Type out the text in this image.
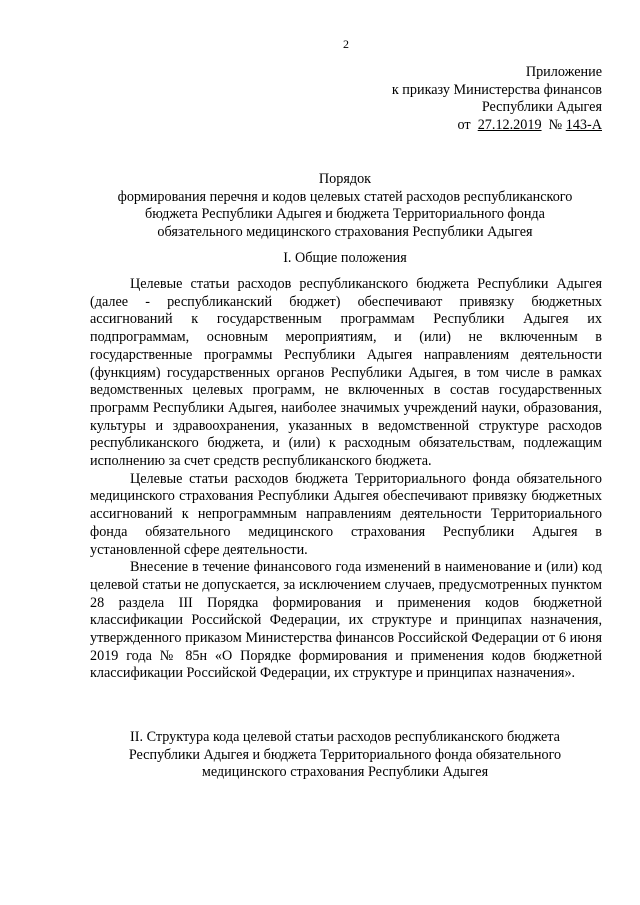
2
Приложение
к приказу Министерства финансов
Республики Адыгея
от 27.12.2019 № 143-А
Порядок
формирования перечня и кодов целевых статей расходов республиканского
бюджета Республики Адыгея и бюджета Территориального фонда
обязательного медицинского страхования Республики Адыгея
I. Общие положения

Целевые статьи расходов республиканского бюджета Республики Адыгея (далее - республиканский бюджет) обеспечивают привязку бюджетных ассигнований к государственным программам Республики Адыгея их подпрограммам, основным мероприятиям, и (или) не включенным в государственные программы Республики Адыгея направлениям деятельности (функциям) государственных органов Республики Адыгея, в том числе в рамках ведомственных целевых программ, не включенных в состав государственных программ Республики Адыгея, наиболее значимых учреждений науки, образования, культуры и здравоохранения, указанных в ведомственной структуре расходов республиканского бюджета, и (или) к расходным обязательствам, подлежащим исполнению за счет средств республиканского бюджета.

Целевые статьи расходов бюджета Территориального фонда обязательного медицинского страхования Республики Адыгея обеспечивают привязку бюджетных ассигнований к непрограммным направлениям деятельности Территориального фонда обязательного медицинского страхования Республики Адыгея в установленной сфере деятельности.

Внесение в течение финансового года изменений в наименование и (или) код целевой статьи не допускается, за исключением случаев, предусмотренных пунктом 28 раздела III Порядка формирования и применения кодов бюджетной классификации Российской Федерации, их структуре и принципах назначения, утвержденного приказом Министерства финансов Российской Федерации от 6 июня 2019 года № 85н «О Порядке формирования и применения кодов бюджетной классификации Российской Федерации, их структуре и принципах назначения».

II. Структура кода целевой статьи расходов республиканского бюджета
Республики Адыгея и бюджета Территориального фонда обязательного
медицинского страхования Республики Адыгея
